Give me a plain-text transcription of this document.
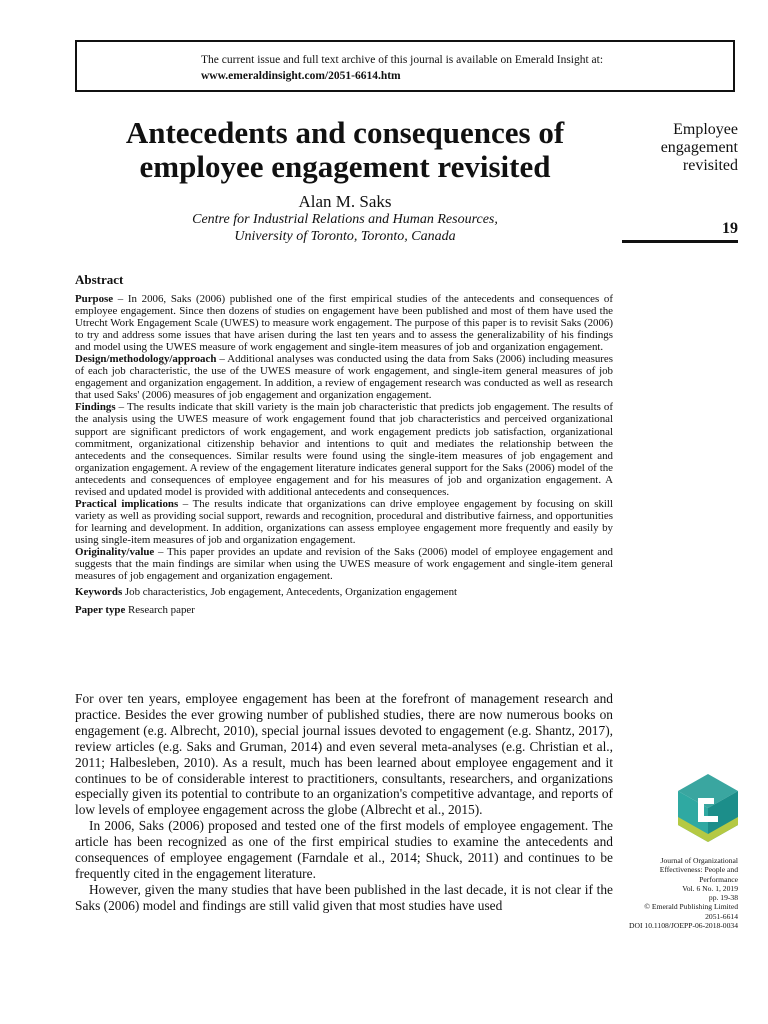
The current issue and full text archive of this journal is available on Emerald Insight at:
www.emeraldinsight.com/2051-6614.htm
Antecedents and consequences of employee engagement revisited
Alan M. Saks
Centre for Industrial Relations and Human Resources,
University of Toronto, Toronto, Canada
Employee
engagement
revisited
19
Abstract

Purpose – In 2006, Saks (2006) published one of the first empirical studies of the antecedents and consequences of employee engagement. Since then dozens of studies on engagement have been published and most of them have used the Utrecht Work Engagement Scale (UWES) to measure work engagement. The purpose of this paper is to revisit Saks (2006) to try and address some issues that have arisen during the last ten years and to assess the generalizability of his findings and model using the UWES measure of work engagement and single-item measures of job and organization engagement.

Design/methodology/approach – Additional analyses was conducted using the data from Saks (2006) including measures of each job characteristic, the use of the UWES measure of work engagement, and single-item general measures of job engagement and organization engagement. In addition, a review of engagement research was conducted as well as research that used Saks' (2006) measures of job engagement and organization engagement.

Findings – The results indicate that skill variety is the main job characteristic that predicts job engagement. The results of the analysis using the UWES measure of work engagement found that job characteristics and perceived organizational support are significant predictors of work engagement, and work engagement predicts job satisfaction, organizational commitment, organizational citizenship behavior and intentions to quit and mediates the relationship between the antecedents and the consequences. Similar results were found using the single-item measures of job engagement and organization engagement. A review of the engagement literature indicates general support for the Saks (2006) model of the antecedents and consequences of employee engagement and for his measures of job and organization engagement. A revised and updated model is provided with additional antecedents and consequences.

Practical implications – The results indicate that organizations can drive employee engagement by focusing on skill variety as well as providing social support, rewards and recognition, procedural and distributive fairness, and opportunities for learning and development. In addition, organizations can assess employee engagement more frequently and easily by using single-item measures of job and organization engagement.

Originality/value – This paper provides an update and revision of the Saks (2006) model of employee engagement and suggests that the main findings are similar when using the UWES measure of work engagement and single-item general measures of job engagement and organization engagement.

Keywords Job characteristics, Job engagement, Antecedents, Organization engagement

Paper type Research paper

For over ten years, employee engagement has been at the forefront of management research and practice. Besides the ever growing number of published studies, there are now numerous books on engagement (e.g. Albrecht, 2010), special journal issues devoted to engagement (e.g. Shantz, 2017), review articles (e.g. Saks and Gruman, 2014) and even several meta-analyses (e.g. Christian et al., 2011; Halbesleben, 2010). As a result, much has been learned about employee engagement and it continues to be of considerable interest to practitioners, consultants, researchers, and organizations especially given its potential to contribute to an organization's competitive advantage, and reports of low levels of employee engagement across the globe (Albrecht et al., 2015).

In 2006, Saks (2006) proposed and tested one of the first models of employee engagement. The article has been recognized as one of the first empirical studies to examine the antecedents and consequences of employee engagement (Farndale et al., 2014; Shuck, 2011) and continues to be frequently cited in the engagement literature.

However, given the many studies that have been published in the last decade, it is not clear if the Saks (2006) model and findings are still valid given that most studies have used

Journal of Organizational
Effectiveness: People and
Performance
Vol. 6 No. 1, 2019
pp. 19-38
© Emerald Publishing Limited
2051-6614
DOI 10.1108/JOEPP-06-2018-0034
